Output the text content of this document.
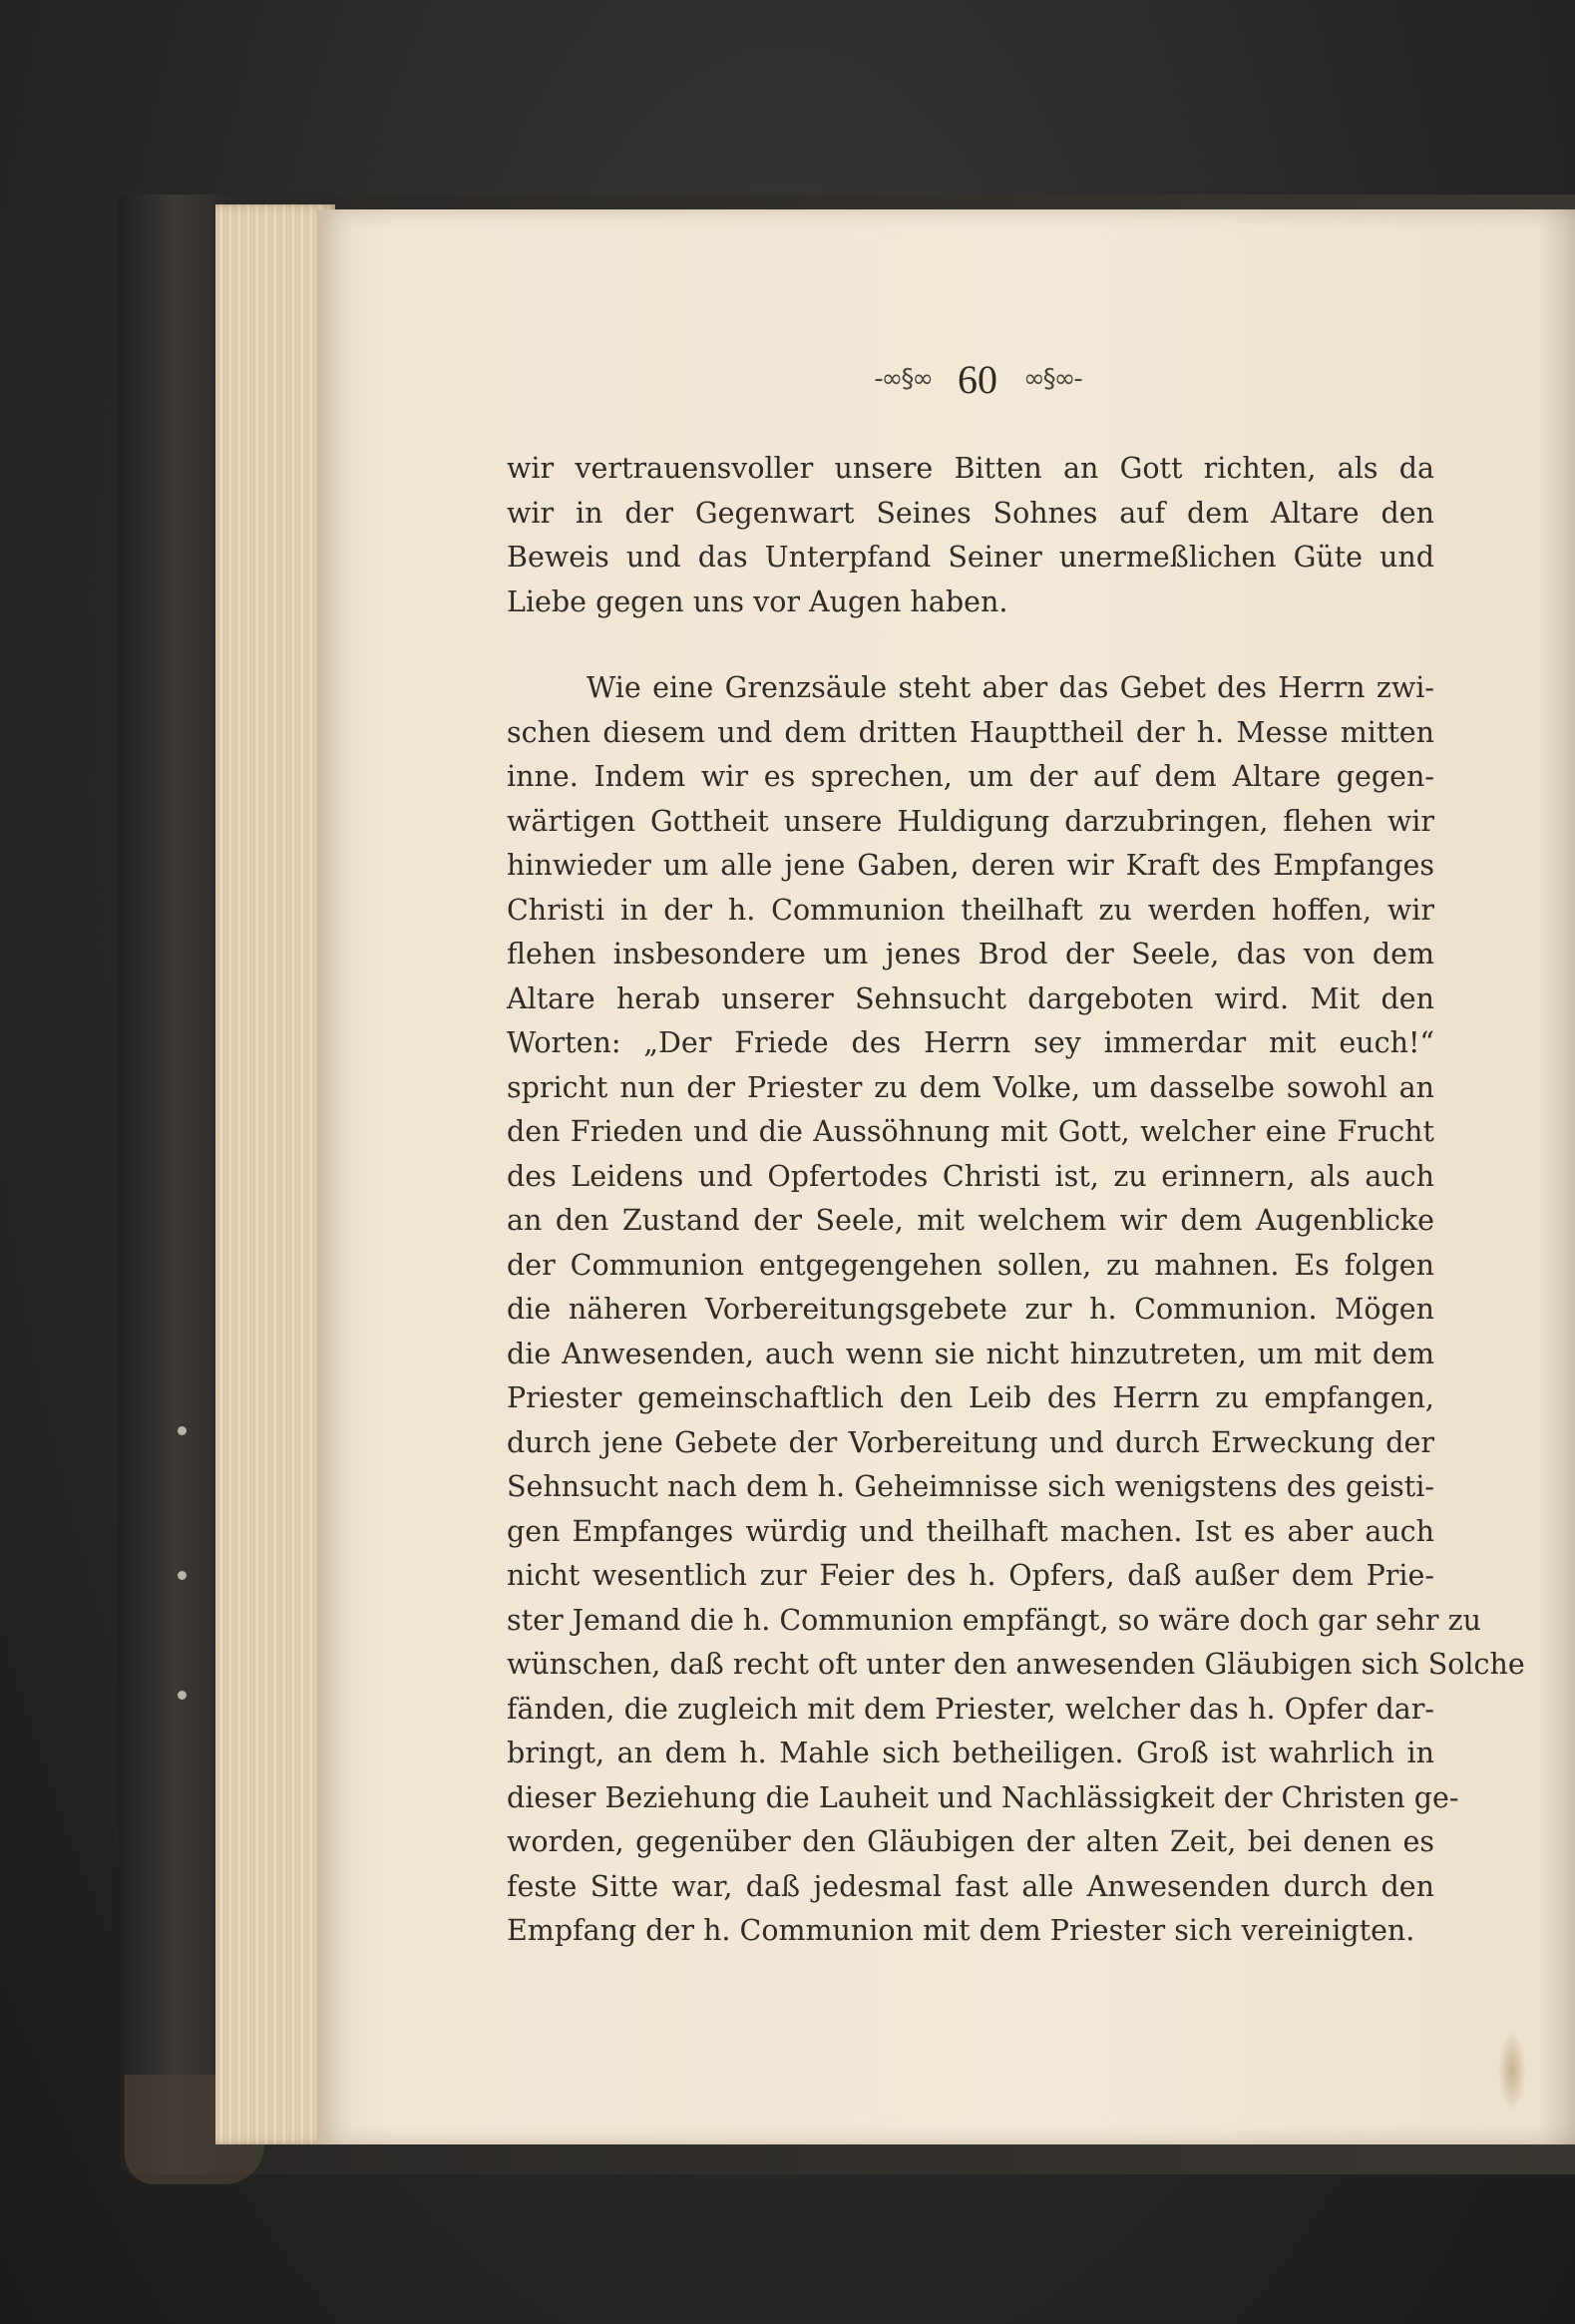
-∞§∞ 60 ∞§∞-
wir vertrauensvoller unsere Bitten an Gott richten, als da
wir in der Gegenwart Seines Sohnes auf dem Altare den
Beweis und das Unterpfand Seiner unermeßlichen Güte und
Liebe gegen uns vor Augen haben.
Wie eine Grenzsäule steht aber das Gebet des Herrn zwi-
schen diesem und dem dritten Haupttheil der h. Messe mitten
inne. Indem wir es sprechen, um der auf dem Altare gegen-
wärtigen Gottheit unsere Huldigung darzubringen, flehen wir
hinwieder um alle jene Gaben, deren wir Kraft des Empfanges
Christi in der h. Communion theilhaft zu werden hoffen, wir
flehen insbesondere um jenes Brod der Seele, das von dem
Altare herab unserer Sehnsucht dargeboten wird. Mit den
Worten: „Der Friede des Herrn sey immerdar mit euch!“
spricht nun der Priester zu dem Volke, um dasselbe sowohl an
den Frieden und die Aussöhnung mit Gott, welcher eine Frucht
des Leidens und Opfertodes Christi ist, zu erinnern, als auch
an den Zustand der Seele, mit welchem wir dem Augenblicke
der Communion entgegengehen sollen, zu mahnen. Es folgen
die näheren Vorbereitungsgebete zur h. Communion. Mögen
die Anwesenden, auch wenn sie nicht hinzutreten, um mit dem
Priester gemeinschaftlich den Leib des Herrn zu empfangen,
durch jene Gebete der Vorbereitung und durch Erweckung der
Sehnsucht nach dem h. Geheimnisse sich wenigstens des geisti-
gen Empfanges würdig und theilhaft machen. Ist es aber auch
nicht wesentlich zur Feier des h. Opfers, daß außer dem Prie-
ster Jemand die h. Communion empfängt, so wäre doch gar sehr zu
wünschen, daß recht oft unter den anwesenden Gläubigen sich Solche
fänden, die zugleich mit dem Priester, welcher das h. Opfer dar-
bringt, an dem h. Mahle sich betheiligen. Groß ist wahrlich in
dieser Beziehung die Lauheit und Nachlässigkeit der Christen ge-
worden, gegenüber den Gläubigen der alten Zeit, bei denen es
feste Sitte war, daß jedesmal fast alle Anwesenden durch den
Empfang der h. Communion mit dem Priester sich vereinigten.
